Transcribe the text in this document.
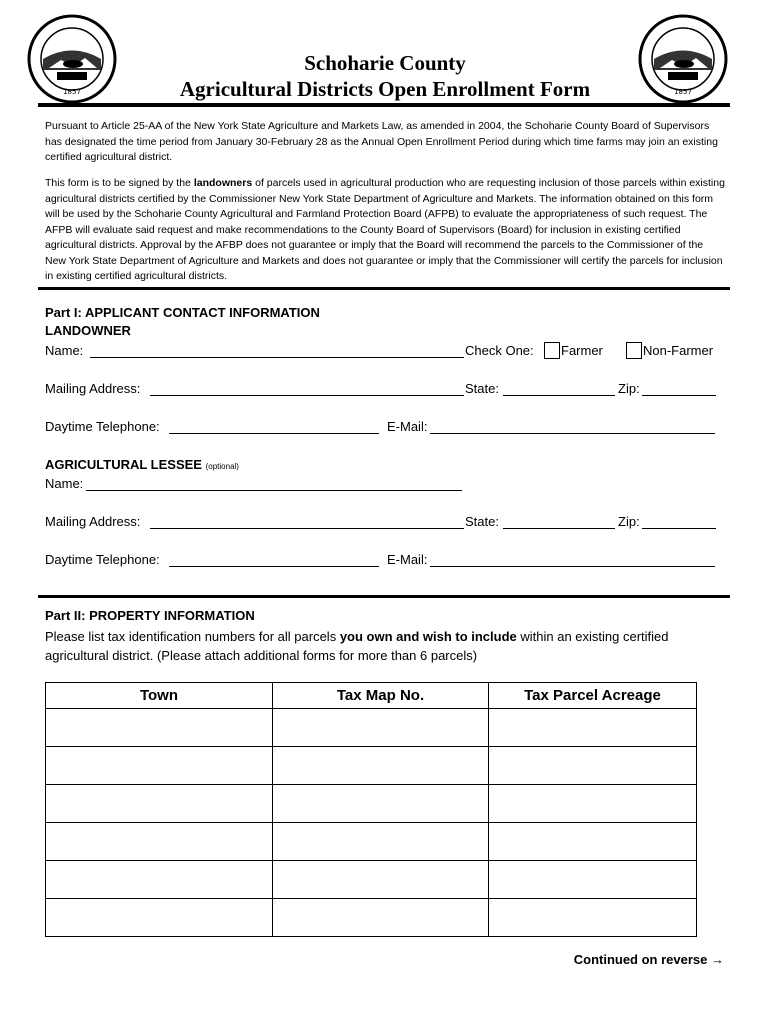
1857	1857
Schoharie County
Agricultural Districts Open Enrollment Form
Pursuant to Article 25-AA of the New York State Agriculture and Markets Law, as amended in 2004, the Schoharie County Board of Supervisors has designated the time period from January 30-February 28 as the Annual Open Enrollment Period during which time farms may join an existing certified agricultural district.
This form is to be signed by the landowners of parcels used in agricultural production who are requesting inclusion of those parcels within existing agricultural districts certified by the Commissioner New York State Department of Agriculture and Markets. The information obtained on this form will be used by the Schoharie County Agricultural and Farmland Protection Board (AFPB) to evaluate the appropriateness of such request. The AFPB will evaluate said request and make recommendations to the County Board of Supervisors (Board) for inclusion in existing certified agricultural districts. Approval by the AFBP does not guarantee or imply that the Board will recommend the parcels to the Commissioner of the New York State Department of Agriculture and Markets and does not guarantee or imply that the Commissioner will certify the parcels for inclusion in existing certified agricultural districts.
Part I: APPLICANT CONTACT INFORMATION
LANDOWNER
Name:	Check One: Farmer	Non-Farmer
Mailing Address:	State:	Zip:
Daytime Telephone:	E-Mail:
AGRICULTURAL LESSEE (optional)
Name:
Mailing Address:	State:	Zip:
Daytime Telephone:	E-Mail:
Part II: PROPERTY INFORMATION
Please list tax identification numbers for all parcels you own and wish to include within an existing certified agricultural district. (Please attach additional forms for more than 6 parcels)
Town	Tax Map No.	Tax Parcel Acreage

Continued on reverse →
